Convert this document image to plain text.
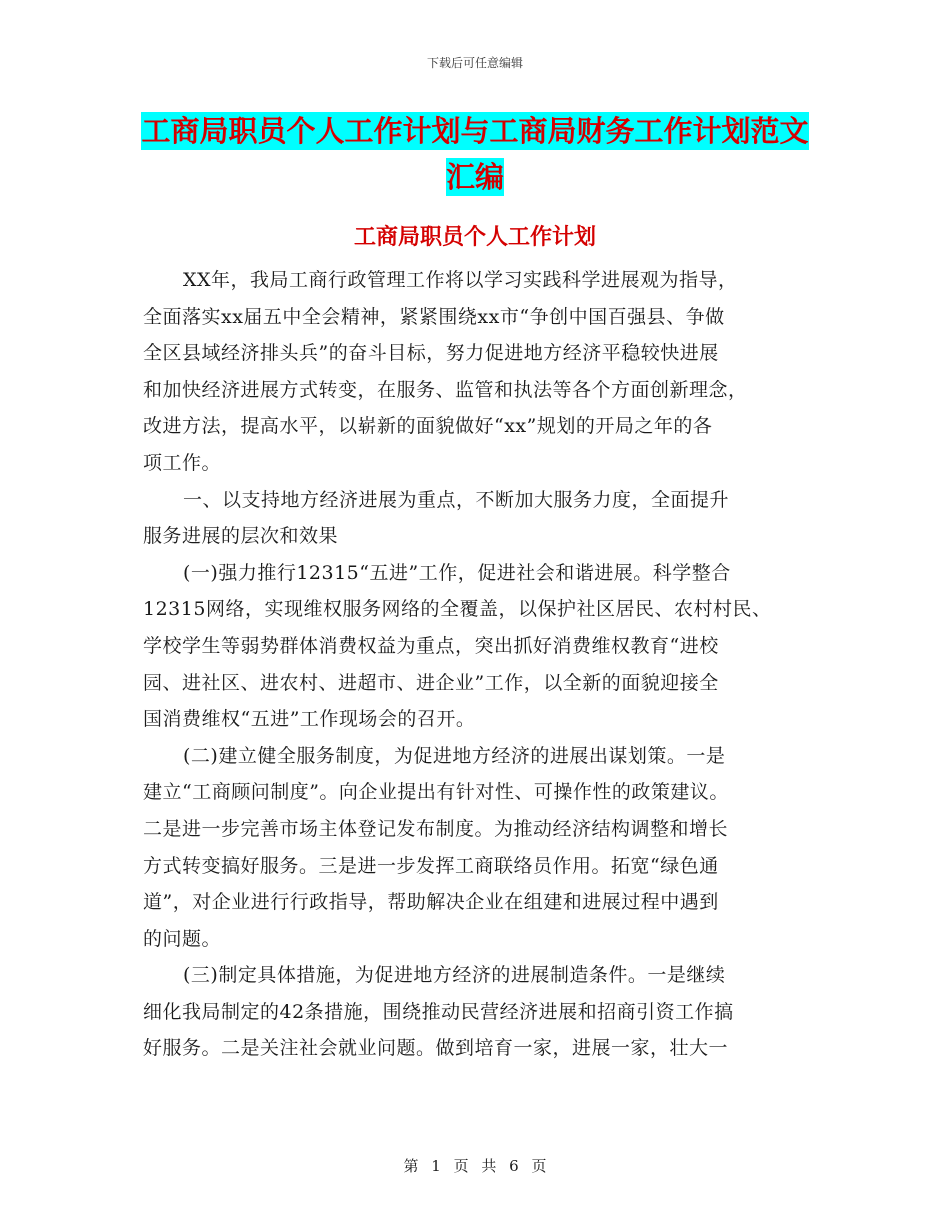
下载后可任意编辑
工商局职员个人工作计划与工商局财务工作计划范文
汇编
工商局职员个人工作计划
XX年，我局工商行政管理工作将以学习实践科学进展观为指导，
全面落实xx届五中全会精神，紧紧围绕xx市“争创中国百强县、争做
全区县域经济排头兵”的奋斗目标，努力促进地方经济平稳较快进展
和加快经济进展方式转变，在服务、监管和执法等各个方面创新理念，
改进方法，提高水平，以崭新的面貌做好“xx”规划的开局之年的各
项工作。
一、以支持地方经济进展为重点，不断加大服务力度，全面提升
服务进展的层次和效果
(一)强力推行12315“五进”工作，促进社会和谐进展。科学整合
12315网络，实现维权服务网络的全覆盖，以保护社区居民、农村村民、
学校学生等弱势群体消费权益为重点，突出抓好消费维权教育“进校
园、进社区、进农村、进超市、进企业”工作，以全新的面貌迎接全
国消费维权“五进”工作现场会的召开。
(二)建立健全服务制度，为促进地方经济的进展出谋划策。一是
建立“工商顾问制度”。向企业提出有针对性、可操作性的政策建议。
二是进一步完善市场主体登记发布制度。为推动经济结构调整和增长
方式转变搞好服务。三是进一步发挥工商联络员作用。拓宽“绿色通
道”，对企业进行行政指导，帮助解决企业在组建和进展过程中遇到
的问题。
(三)制定具体措施，为促进地方经济的进展制造条件。一是继续
细化我局制定的42条措施，围绕推动民营经济进展和招商引资工作搞
好服务。二是关注社会就业问题。做到培育一家，进展一家，壮大一
第 1 页 共 6 页
